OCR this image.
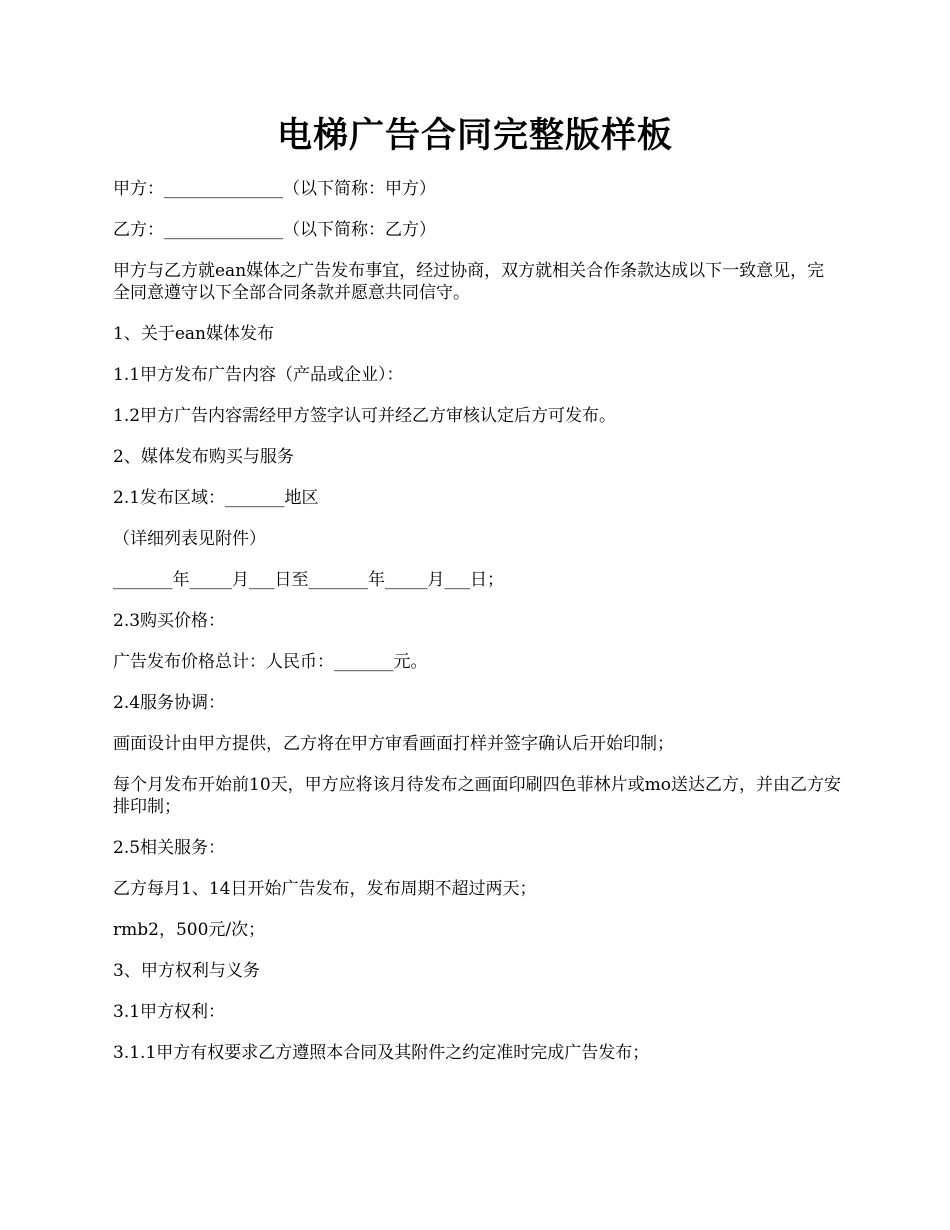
电梯广告合同完整版样板

甲方：______________（以下简称：甲方）

乙方：______________（以下简称：乙方）

甲方与乙方就ean媒体之广告发布事宜，经过协商，双方就相关合作条款达成以下一致意见，完全同意遵守以下全部合同条款并愿意共同信守。

1、关于ean媒体发布

1.1甲方发布广告内容（产品或企业）：

1.2甲方广告内容需经甲方签字认可并经乙方审核认定后方可发布。

2、媒体发布购买与服务

2.1发布区域：_______地区

（详细列表见附件）

_______年_____月___日至_______年_____月___日；

2.3购买价格：

广告发布价格总计：人民币：_______元。

2.4服务协调：

画面设计由甲方提供，乙方将在甲方审看画面打样并签字确认后开始印制；

每个月发布开始前10天，甲方应将该月待发布之画面印刷四色菲林片或mo送达乙方，并由乙方安排印制；

2.5相关服务：

乙方每月1、14日开始广告发布，发布周期不超过两天；

rmb2，500元/次；

3、甲方权利与义务

3.1甲方权利：

3.1.1甲方有权要求乙方遵照本合同及其附件之约定准时完成广告发布；
